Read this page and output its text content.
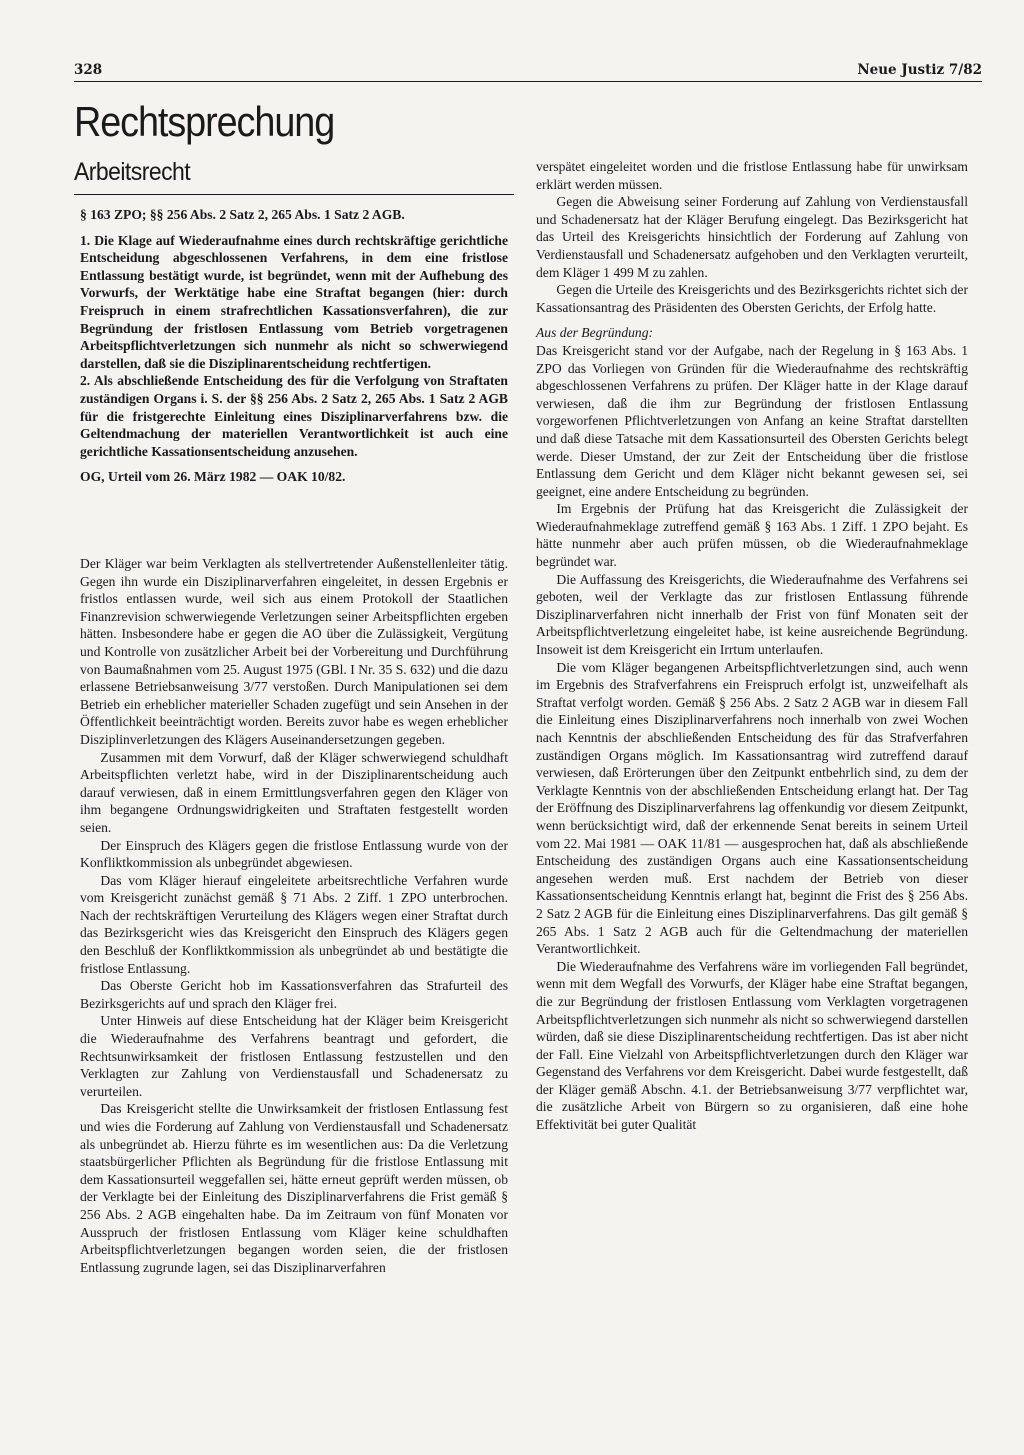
328	Neue Justiz 7/82
Rechtsprechung
Arbeitsrecht

§ 163 ZPO; §§ 256 Abs. 2 Satz 2, 265 Abs. 1 Satz 2 AGB.

1. Die Klage auf Wiederaufnahme eines durch rechtskräftige gerichtliche Entscheidung abgeschlossenen Verfahrens, in dem eine fristlose Entlassung bestätigt wurde, ist begründet, wenn mit der Aufhebung des Vorwurfs, der Werktätige habe eine Straftat begangen (hier: durch Freispruch in einem strafrechtlichen Kassationsverfahren), die zur Begründung der fristlosen Entlassung vom Betrieb vorgetragenen Arbeitspflichtverletzungen sich nunmehr als nicht so schwerwiegend darstellen, daß sie die Disziplinarentscheidung rechtfertigen.

2. Als abschließende Entscheidung des für die Verfolgung von Straftaten zuständigen Organs i. S. der §§ 256 Abs. 2 Satz 2, 265 Abs. 1 Satz 2 AGB für die fristgerechte Einleitung eines Disziplinarverfahrens bzw. die Geltendmachung der materiellen Verantwortlichkeit ist auch eine gerichtliche Kassationsentscheidung anzusehen.

OG, Urteil vom 26. März 1982 — OAK 10/82.

Der Kläger war beim Verklagten als stellvertretender Außenstellenleiter tätig. Gegen ihn wurde ein Disziplinarverfahren eingeleitet, in dessen Ergebnis er fristlos entlassen wurde, weil sich aus einem Protokoll der Staatlichen Finanzrevision schwerwiegende Verletzungen seiner Arbeitspflichten ergeben hätten. Insbesondere habe er gegen die AO über die Zulässigkeit, Vergütung und Kontrolle von zusätzlicher Arbeit bei der Vorbereitung und Durchführung von Baumaßnahmen vom 25. August 1975 (GBl. I Nr. 35 S. 632) und die dazu erlassene Betriebsanweisung 3/77 verstoßen. Durch Manipulationen sei dem Betrieb ein erheblicher materieller Schaden zugefügt und sein Ansehen in der Öffentlichkeit beeinträchtigt worden. Bereits zuvor habe es wegen erheblicher Disziplinverletzungen des Klägers Auseinandersetzungen gegeben.

Zusammen mit dem Vorwurf, daß der Kläger schwerwiegend schuldhaft Arbeitspflichten verletzt habe, wird in der Disziplinarentscheidung auch darauf verwiesen, daß in einem Ermittlungsverfahren gegen den Kläger von ihm begangene Ordnungswidrigkeiten und Straftaten festgestellt worden seien.

Der Einspruch des Klägers gegen die fristlose Entlassung wurde von der Konfliktkommission als unbegründet abgewiesen.

Das vom Kläger hierauf eingeleitete arbeitsrechtliche Verfahren wurde vom Kreisgericht zunächst gemäß § 71 Abs. 2 Ziff. 1 ZPO unterbrochen. Nach der rechtskräftigen Verurteilung des Klägers wegen einer Straftat durch das Bezirksgericht wies das Kreisgericht den Einspruch des Klägers gegen den Beschluß der Konfliktkommission als unbegründet ab und bestätigte die fristlose Entlassung.

Das Oberste Gericht hob im Kassationsverfahren das Strafurteil des Bezirksgerichts auf und sprach den Kläger frei.

Unter Hinweis auf diese Entscheidung hat der Kläger beim Kreisgericht die Wiederaufnahme des Verfahrens beantragt und gefordert, die Rechtsunwirksamkeit der fristlosen Entlassung festzustellen und den Verklagten zur Zahlung von Verdienstausfall und Schadenersatz zu verurteilen.

Das Kreisgericht stellte die Unwirksamkeit der fristlosen Entlassung fest und wies die Forderung auf Zahlung von Verdienstausfall und Schadenersatz als unbegründet ab. Hierzu führte es im wesentlichen aus: Da die Verletzung staatsbürgerlicher Pflichten als Begründung für die fristlose Entlassung mit dem Kassationsurteil weggefallen sei, hätte erneut geprüft werden müssen, ob der Verklagte bei der Einleitung des Disziplinarverfahrens die Frist gemäß § 256 Abs. 2 AGB eingehalten habe. Da im Zeitraum von fünf Monaten vor Ausspruch der fristlosen Entlassung vom Kläger keine schuldhaften Arbeitspflichtverletzungen begangen worden seien, die der fristlosen Entlassung zugrunde lagen, sei das Disziplinarverfahren

verspätet eingeleitet worden und die fristlose Entlassung habe für unwirksam erklärt werden müssen.

Gegen die Abweisung seiner Forderung auf Zahlung von Verdienstausfall und Schadenersatz hat der Kläger Berufung eingelegt. Das Bezirksgericht hat das Urteil des Kreisgerichts hinsichtlich der Forderung auf Zahlung von Verdienstausfall und Schadenersatz aufgehoben und den Verklagten verurteilt, dem Kläger 1 499 M zu zahlen.

Gegen die Urteile des Kreisgerichts und des Bezirksgerichts richtet sich der Kassationsantrag des Präsidenten des Obersten Gerichts, der Erfolg hatte.

Aus der Begründung:

Das Kreisgericht stand vor der Aufgabe, nach der Regelung in § 163 Abs. 1 ZPO das Vorliegen von Gründen für die Wiederaufnahme des rechtskräftig abgeschlossenen Verfahrens zu prüfen. Der Kläger hatte in der Klage darauf verwiesen, daß die ihm zur Begründung der fristlosen Entlassung vorgeworfenen Pflichtverletzungen von Anfang an keine Straftat darstellten und daß diese Tatsache mit dem Kassationsurteil des Obersten Gerichts belegt werde. Dieser Umstand, der zur Zeit der Entscheidung über die fristlose Entlassung dem Gericht und dem Kläger nicht bekannt gewesen sei, sei geeignet, eine andere Entscheidung zu begründen.

Im Ergebnis der Prüfung hat das Kreisgericht die Zulässigkeit der Wiederaufnahmeklage zutreffend gemäß § 163 Abs. 1 Ziff. 1 ZPO bejaht. Es hätte nunmehr aber auch prüfen müssen, ob die Wiederaufnahmeklage begründet war.

Die Auffassung des Kreisgerichts, die Wiederaufnahme des Verfahrens sei geboten, weil der Verklagte das zur fristlosen Entlassung führende Disziplinarverfahren nicht innerhalb der Frist von fünf Monaten seit der Arbeitspflichtverletzung eingeleitet habe, ist keine ausreichende Begründung. Insoweit ist dem Kreisgericht ein Irrtum unterlaufen.

Die vom Kläger begangenen Arbeitspflichtverletzungen sind, auch wenn im Ergebnis des Strafverfahrens ein Freispruch erfolgt ist, unzweifelhaft als Straftat verfolgt worden. Gemäß § 256 Abs. 2 Satz 2 AGB war in diesem Fall die Einleitung eines Disziplinarverfahrens noch innerhalb von zwei Wochen nach Kenntnis der abschließenden Entscheidung des für das Strafverfahren zuständigen Organs möglich. Im Kassationsantrag wird zutreffend darauf verwiesen, daß Erörterungen über den Zeitpunkt entbehrlich sind, zu dem der Verklagte Kenntnis von der abschließenden Entscheidung erlangt hat. Der Tag der Eröffnung des Disziplinarverfahrens lag offenkundig vor diesem Zeitpunkt, wenn berücksichtigt wird, daß der erkennende Senat bereits in seinem Urteil vom 22. Mai 1981 — OAK 11/81 — ausgesprochen hat, daß als abschließende Entscheidung des zuständigen Organs auch eine Kassationsentscheidung angesehen werden muß. Erst nachdem der Betrieb von dieser Kassationsentscheidung Kenntnis erlangt hat, beginnt die Frist des § 256 Abs. 2 Satz 2 AGB für die Einleitung eines Disziplinarverfahrens. Das gilt gemäß § 265 Abs. 1 Satz 2 AGB auch für die Geltendmachung der materiellen Verantwortlichkeit.

Die Wiederaufnahme des Verfahrens wäre im vorliegenden Fall begründet, wenn mit dem Wegfall des Vorwurfs, der Kläger habe eine Straftat begangen, die zur Begründung der fristlosen Entlassung vom Verklagten vorgetragenen Arbeitspflichtverletzungen sich nunmehr als nicht so schwerwiegend darstellen würden, daß sie diese Disziplinarentscheidung rechtfertigen. Das ist aber nicht der Fall. Eine Vielzahl von Arbeitspflichtverletzungen durch den Kläger war Gegenstand des Verfahrens vor dem Kreisgericht. Dabei wurde festgestellt, daß der Kläger gemäß Abschn. 4.1. der Betriebsanweisung 3/77 verpflichtet war, die zusätzliche Arbeit von Bürgern so zu organisieren, daß eine hohe Effektivität bei guter Qualität
